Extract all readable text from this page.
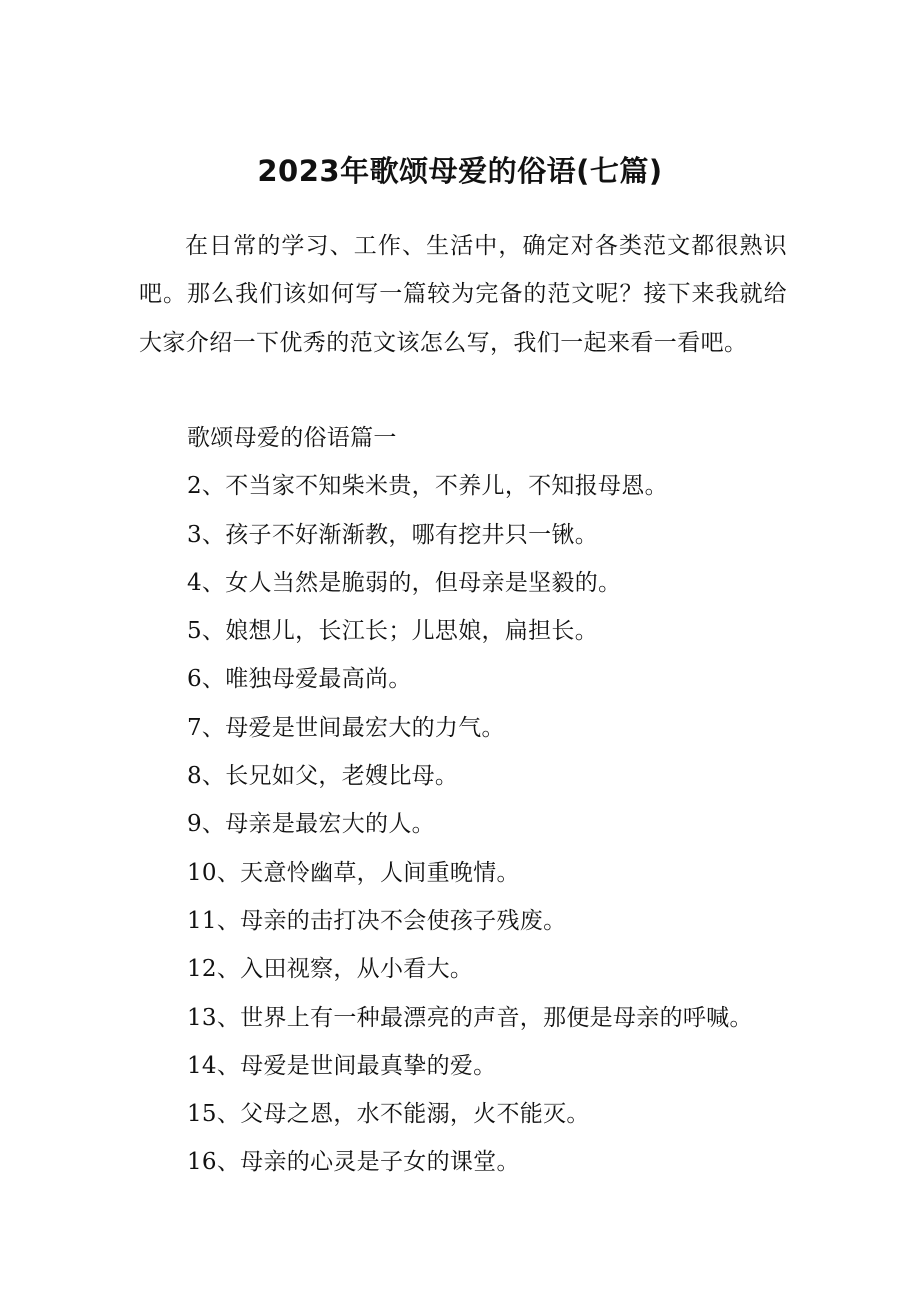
2023年歌颂母爱的俗语(七篇)

在日常的学习、工作、生活中，确定对各类范文都很熟识吧。那么我们该如何写一篇较为完备的范文呢？接下来我就给大家介绍一下优秀的范文该怎么写，我们一起来看一看吧。

歌颂母爱的俗语篇一
2、不当家不知柴米贵，不养儿，不知报母恩。
3、孩子不好渐渐教，哪有挖井只一锹。
4、女人当然是脆弱的，但母亲是坚毅的。
5、娘想儿，长江长；儿思娘，扁担长。
6、唯独母爱最高尚。
7、母爱是世间最宏大的力气。
8、长兄如父，老嫂比母。
9、母亲是最宏大的人。
10、天意怜幽草，人间重晚情。
11、母亲的击打决不会使孩子残废。
12、入田视察，从小看大。
13、世界上有一种最漂亮的声音，那便是母亲的呼喊。
14、母爱是世间最真挚的爱。
15、父母之恩，水不能溺，火不能灭。
16、母亲的心灵是子女的课堂。
